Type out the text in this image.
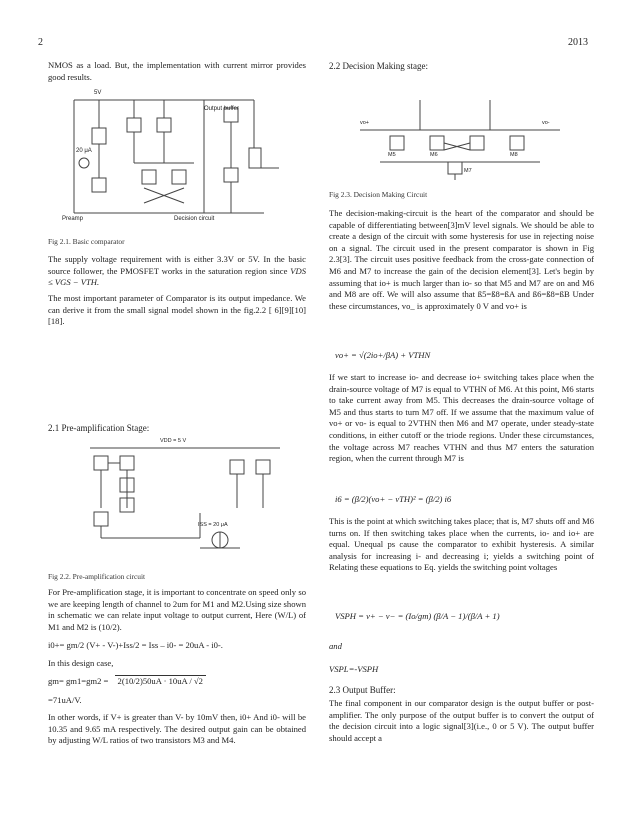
2	2013

NMOS as a load. But, the implementation with current mirror provides good results.

5V
Output buffer
20 μA
Preamp	Decision circuit
Fig 2.1. Basic comparator

The supply voltage requirement with is either 3.3V or 5V. In the basic source follower, the PMOSFET works in the saturation region since VDS ≤ VGS − VTH.

The most important parameter of Comparator is its output impedance. We can derive it from the small signal model shown in the fig.2.2 [ 6][9][10][18].

2.1 Pre-amplification Stage:
VDD = 5 V
ISS = 20 μA
Fig 2.2. Pre-amplification circuit

For Pre-amplification stage, it is important to concentrate on speed only so we are keeping length of channel to 2um for M1 and M2.Using size shown in schematic we can relate input voltage to output current, Here (W/L) of M1 and M2 is (10/2).

i0+= gm/2 (V+ - V-)+Iss/2 = Iss – i0- = 20uA - i0-.

In this design case,

gm= gm1=gm2 = 2(10/2)50uA · 10uA / √2

=71uA/V.

In other words, if V+ is greater than V- by 10mV then, i0+ And i0- will be 10.35 and 9.65 mA respectively. The desired output gain can be obtained by adjusting W/L ratios of two transistors M3 and M4.

2.2 Decision Making stage:
M5	M6
M7
M8
vo+	vo-
Fig 2.3. Decision Making Circuit

The decision-making-circuit is the heart of the comparator and should be capable of differentiating between[3]mV level signals. We should be able to create a design of the circuit with some hysteresis for use in rejecting noise on a signal. The circuit used in the present comparator is shown in Fig 2.3[3]. The circuit uses positive feedback from the cross-gate connection of M6 and M7 to increase the gain of the decision element[3]. Let's begin by assuming that io+ is much larger than io- so that M5 and M7 are on and M6 and M8 are off. We will also assume that ß5=ß8=ßA and ß6=ß8=ßB Under these circumstances, vo_ is approximately 0 V and vo+ is

vo+ = √(2io+/βA) + VTHN

If we start to increase io- and decrease io+ switching takes place when the drain-source voltage of M7 is equal to VTHN of M6. At this point, M6 starts to take current away from M5. This decreases the drain-source voltage of M5 and thus starts to turn M7 off. If we assume that the maximum value of vo+ or vo- is equal to 2VTHN then M6 and M7 operate, under steady-state conditions, in either cutoff or the triode regions. Under these circumstances, the voltage across M7 reaches VTHN and thus M7 enters the saturation region, when the current through M7 is

i6 = (β/2)(vo+ − vTH)² = (β/2) i6

This is the point at which switching takes place; that is, M7 shuts off and M6 turns on. If then switching takes place when the currents, io- and io+ are equal. Unequal ps cause the comparator to exhibit hysteresis. A similar analysis for increasing i- and decreasing i; yields a switching point of Relating these equations to Eq. yields the switching point voltages

VSPH = v+ − v− = (Io/gm) (β/A − 1)/(β/A + 1)
and
VSPL=-VSPH
2.3 Output Buffer:

The final component in our comparator design is the output buffer or post-amplifier. The only purpose of the output buffer is to convert the output of the decision circuit into a logic signal[3](i.e., 0 or 5 V). The output buffer should accept a
